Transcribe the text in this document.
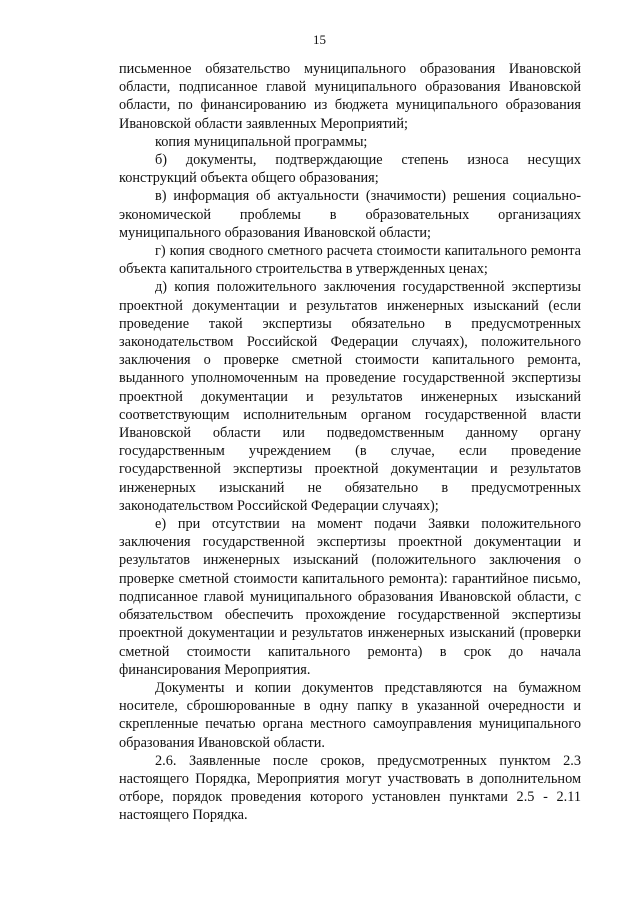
15

письменное обязательство муниципального образования Ивановской области, подписанное главой муниципального образования Ивановской области, по финансированию из бюджета муниципального образования Ивановской области заявленных Мероприятий;

копия муниципальной программы;

б) документы, подтверждающие степень износа несущих конструкций объекта общего образования;

в) информация об актуальности (значимости) решения социально-экономической проблемы в образовательных организациях муниципального образования Ивановской области;

г) копия сводного сметного расчета стоимости капитального ремонта объекта капитального строительства в утвержденных ценах;

д) копия положительного заключения государственной экспертизы проектной документации и результатов инженерных изысканий (если проведение такой экспертизы обязательно в предусмотренных законодательством Российской Федерации случаях), положительного заключения о проверке сметной стоимости капитального ремонта, выданного уполномоченным на проведение государственной экспертизы проектной документации и результатов инженерных изысканий соответствующим исполнительным органом государственной власти Ивановской области или подведомственным данному органу государственным учреждением (в случае, если проведение государственной экспертизы проектной документации и результатов инженерных изысканий не обязательно в предусмотренных законодательством Российской Федерации случаях);

е) при отсутствии на момент подачи Заявки положительного заключения государственной экспертизы проектной документации и результатов инженерных изысканий (положительного заключения о проверке сметной стоимости капитального ремонта): гарантийное письмо, подписанное главой муниципального образования Ивановской области, с обязательством обеспечить прохождение государственной экспертизы проектной документации и результатов инженерных изысканий (проверки сметной стоимости капитального ремонта) в срок до начала финансирования Мероприятия.

Документы и копии документов представляются на бумажном носителе, сброшюрованные в одну папку в указанной очередности и скрепленные печатью органа местного самоуправления муниципального образования Ивановской области.

2.6. Заявленные после сроков, предусмотренных пунктом 2.3 настоящего Порядка, Мероприятия могут участвовать в дополнительном отборе, порядок проведения которого установлен пунктами 2.5 - 2.11 настоящего Порядка.
